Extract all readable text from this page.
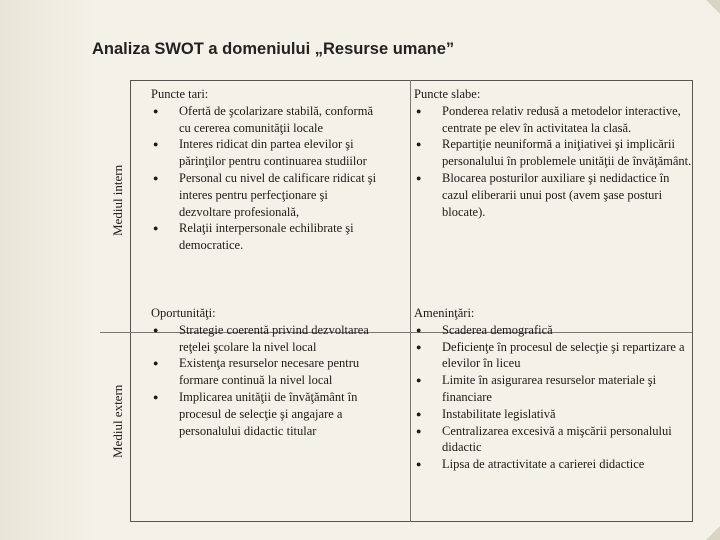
Analiza SWOT a domeniului „Resurse umane”
Mediul intern
Mediul extern
Puncte tari:
● Ofertă de şcolarizare stabilă, conformă cu cererea comunităţii locale
● Interes ridicat din partea elevilor şi părinţilor pentru continuarea studiilor
● Personal cu nivel de calificare ridicat şi interes pentru perfecţionare şi dezvoltare profesională,
● Relaţii interpersonale echilibrate şi democratice.
Puncte slabe:
● Ponderea relativ redusă a metodelor interactive, centrate pe elev în activitatea la clasă.
● Repartiţie neuniformă a iniţiativei şi implicării personalului în problemele unităţii de învăţământ.
● Blocarea posturilor auxiliare şi nedidactice în cazul eliberarii unui post (avem şase posturi blocate).
Oportunităţi:
● Strategie coerentă privind dezvoltarea reţelei şcolare la nivel local
● Existenţa resurselor necesare pentru formare continuă la nivel local
● Implicarea unităţii de învăţământ în procesul de selecţie şi angajare a personalului didactic titular
Ameninţări:
● Scaderea demografică
● Deficienţe în procesul de selecţie şi repartizare a elevilor în liceu
● Limite în asigurarea resurselor materiale şi financiare
● Instabilitate legislativă
● Centralizarea excesivă a mişcării personalului didactic
● Lipsa de atractivitate a carierei didactice
